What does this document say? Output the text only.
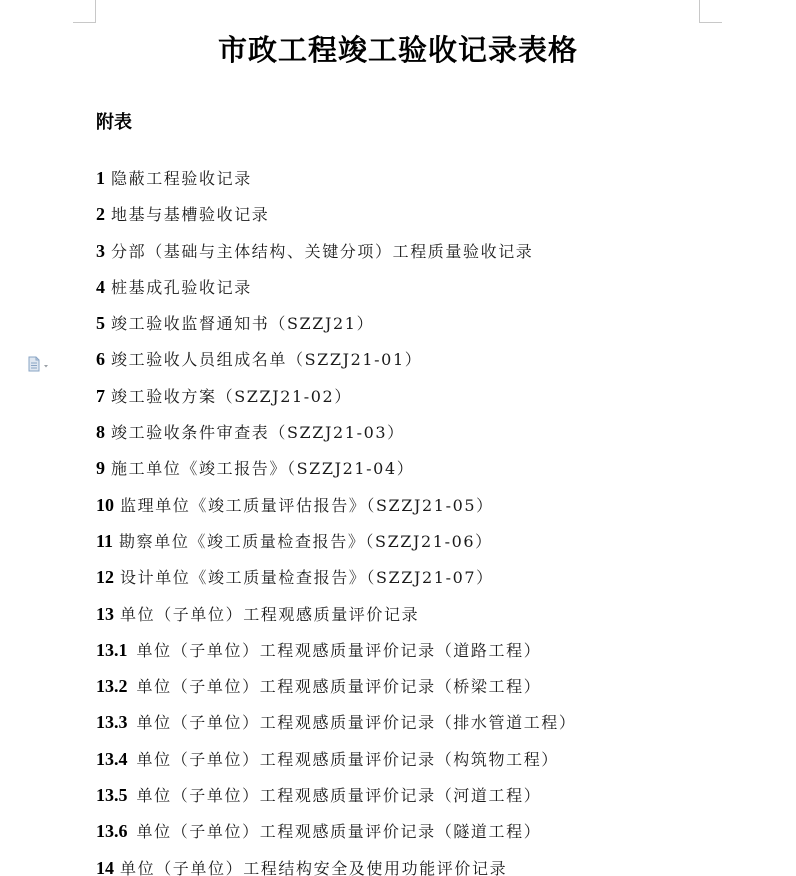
市政工程竣工验收记录表格
附表
1 隐蔽工程验收记录
2 地基与基槽验收记录
3 分部（基础与主体结构、关键分项）工程质量验收记录
4 桩基成孔验收记录
5 竣工验收监督通知书（SZZJ21）
6 竣工验收人员组成名单（SZZJ21-01）
7 竣工验收方案（SZZJ21-02）
8 竣工验收条件审查表（SZZJ21-03）
9 施工单位《竣工报告》（SZZJ21-04）
10 监理单位《竣工质量评估报告》（SZZJ21-05）
11 勘察单位《竣工质量检查报告》（SZZJ21-06）
12 设计单位《竣工质量检查报告》（SZZJ21-07）
13 单位（子单位）工程观感质量评价记录
13.1 单位（子单位）工程观感质量评价记录（道路工程）
13.2 单位（子单位）工程观感质量评价记录（桥梁工程）
13.3 单位（子单位）工程观感质量评价记录（排水管道工程）
13.4 单位（子单位）工程观感质量评价记录（构筑物工程）
13.5 单位（子单位）工程观感质量评价记录（河道工程）
13.6 单位（子单位）工程观感质量评价记录（隧道工程）
14 单位（子单位）工程结构安全及使用功能评价记录
